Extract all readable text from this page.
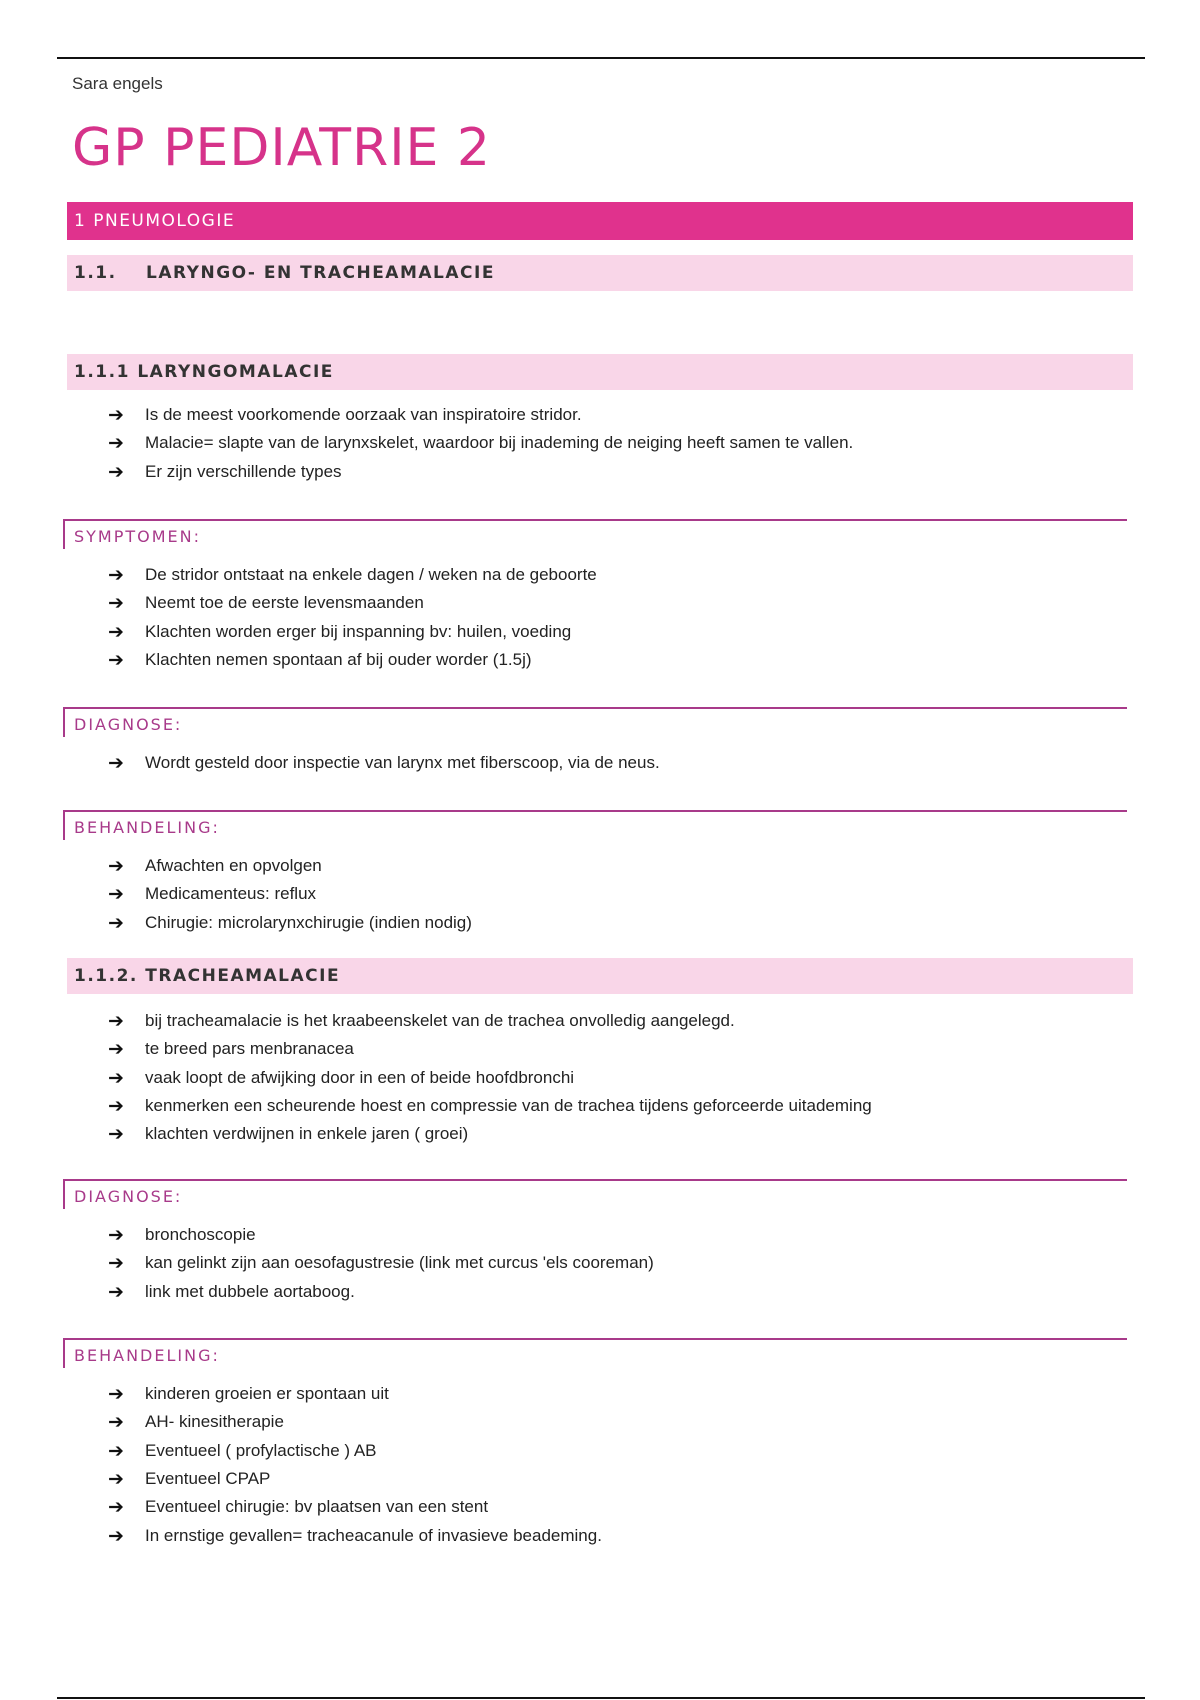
Sara engels
GP PEDIATRIE 2
1 PNEUMOLOGIE
1.1.	LARYNGO- EN TRACHEAMALACIE
1.1.1 LARYNGOMALACIE
➔	Is de meest voorkomende oorzaak van inspiratoire stridor.
➔	Malacie= slapte van de larynxskelet, waardoor bij inademing de neiging heeft samen te vallen.
➔	Er zijn verschillende types
SYMPTOMEN:
➔	De stridor ontstaat na enkele dagen / weken na de geboorte
➔	Neemt toe de eerste levensmaanden
➔	Klachten worden erger bij inspanning bv: huilen, voeding
➔	Klachten nemen spontaan af bij ouder worder (1.5j)
DIAGNOSE:
➔	Wordt gesteld door inspectie van larynx met fiberscoop, via de neus.
BEHANDELING:
➔	Afwachten en opvolgen
➔	Medicamenteus: reflux
➔	Chirugie: microlarynxchirugie (indien nodig)
1.1.2. TRACHEAMALACIE
➔	bij tracheamalacie is het kraabeenskelet van de trachea onvolledig aangelegd.
➔	te breed pars menbranacea
➔	vaak loopt de afwijking door in een of beide hoofdbronchi
➔	kenmerken een scheurende hoest en compressie van de trachea tijdens geforceerde uitademing
➔	klachten verdwijnen in enkele jaren ( groei)
DIAGNOSE:
➔	bronchoscopie
➔	kan gelinkt zijn aan oesofagustresie (link met curcus 'els cooreman)
➔	link met dubbele aortaboog.
BEHANDELING:
➔	kinderen groeien er spontaan uit
➔	AH- kinesitherapie
➔	Eventueel ( profylactische ) AB
➔	Eventueel CPAP
➔	Eventueel chirugie: bv plaatsen van een stent
➔	In ernstige gevallen= tracheacanule of invasieve beademing.
